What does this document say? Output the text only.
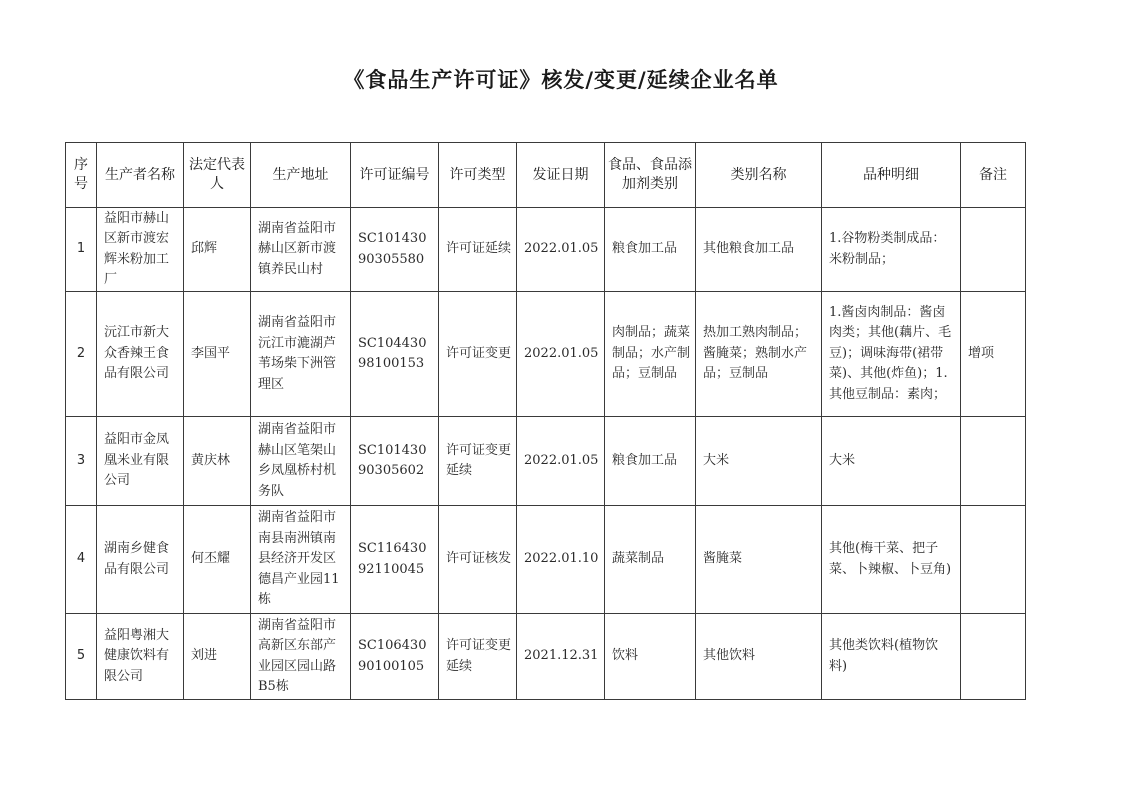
《食品生产许可证》核发/变更/延续企业名单
序号	生产者名称	法定代表人	生产地址	许可证编号	许可类型	发证日期	食品、食品添加剂类别	类别名称	品种明细	备注
1	益阳市赫山区新市渡宏辉米粉加工厂	邱辉	湖南省益阳市赫山区新市渡镇养民山村	SC10143090305580	许可证延续	2022.01.05	粮食加工品	其他粮食加工品	1.谷物粉类制成品：米粉制品；	
2	沅江市新大众香辣王食品有限公司	李国平	湖南省益阳市沅江市漉湖芦苇场柴下洲管理区	SC10443098100153	许可证变更	2022.01.05	肉制品；蔬菜制品；水产制品；豆制品	热加工熟肉制品；酱腌菜；熟制水产品；豆制品	1.酱卤肉制品：酱卤肉类；其他(藕片、毛豆)；调味海带(裙带菜)、其他(炸鱼)；1.其他豆制品：素肉；	增项
3	益阳市金凤凰米业有限公司	黄庆林	湖南省益阳市赫山区笔架山乡凤凰桥村机务队	SC10143090305602	许可证变更延续	2022.01.05	粮食加工品	大米	大米	
4	湖南乡健食品有限公司	何丕耀	湖南省益阳市南县南洲镇南县经济开发区德昌产业园11栋	SC11643092110045	许可证核发	2022.01.10	蔬菜制品	酱腌菜	其他(梅干菜、把子菜、卜辣椒、卜豆角)	
5	益阳粤湘大健康饮料有限公司	刘进	湖南省益阳市高新区东部产业园区园山路B5栋	SC10643090100105	许可证变更延续	2021.12.31	饮料	其他饮料	其他类饮料(植物饮料)	
